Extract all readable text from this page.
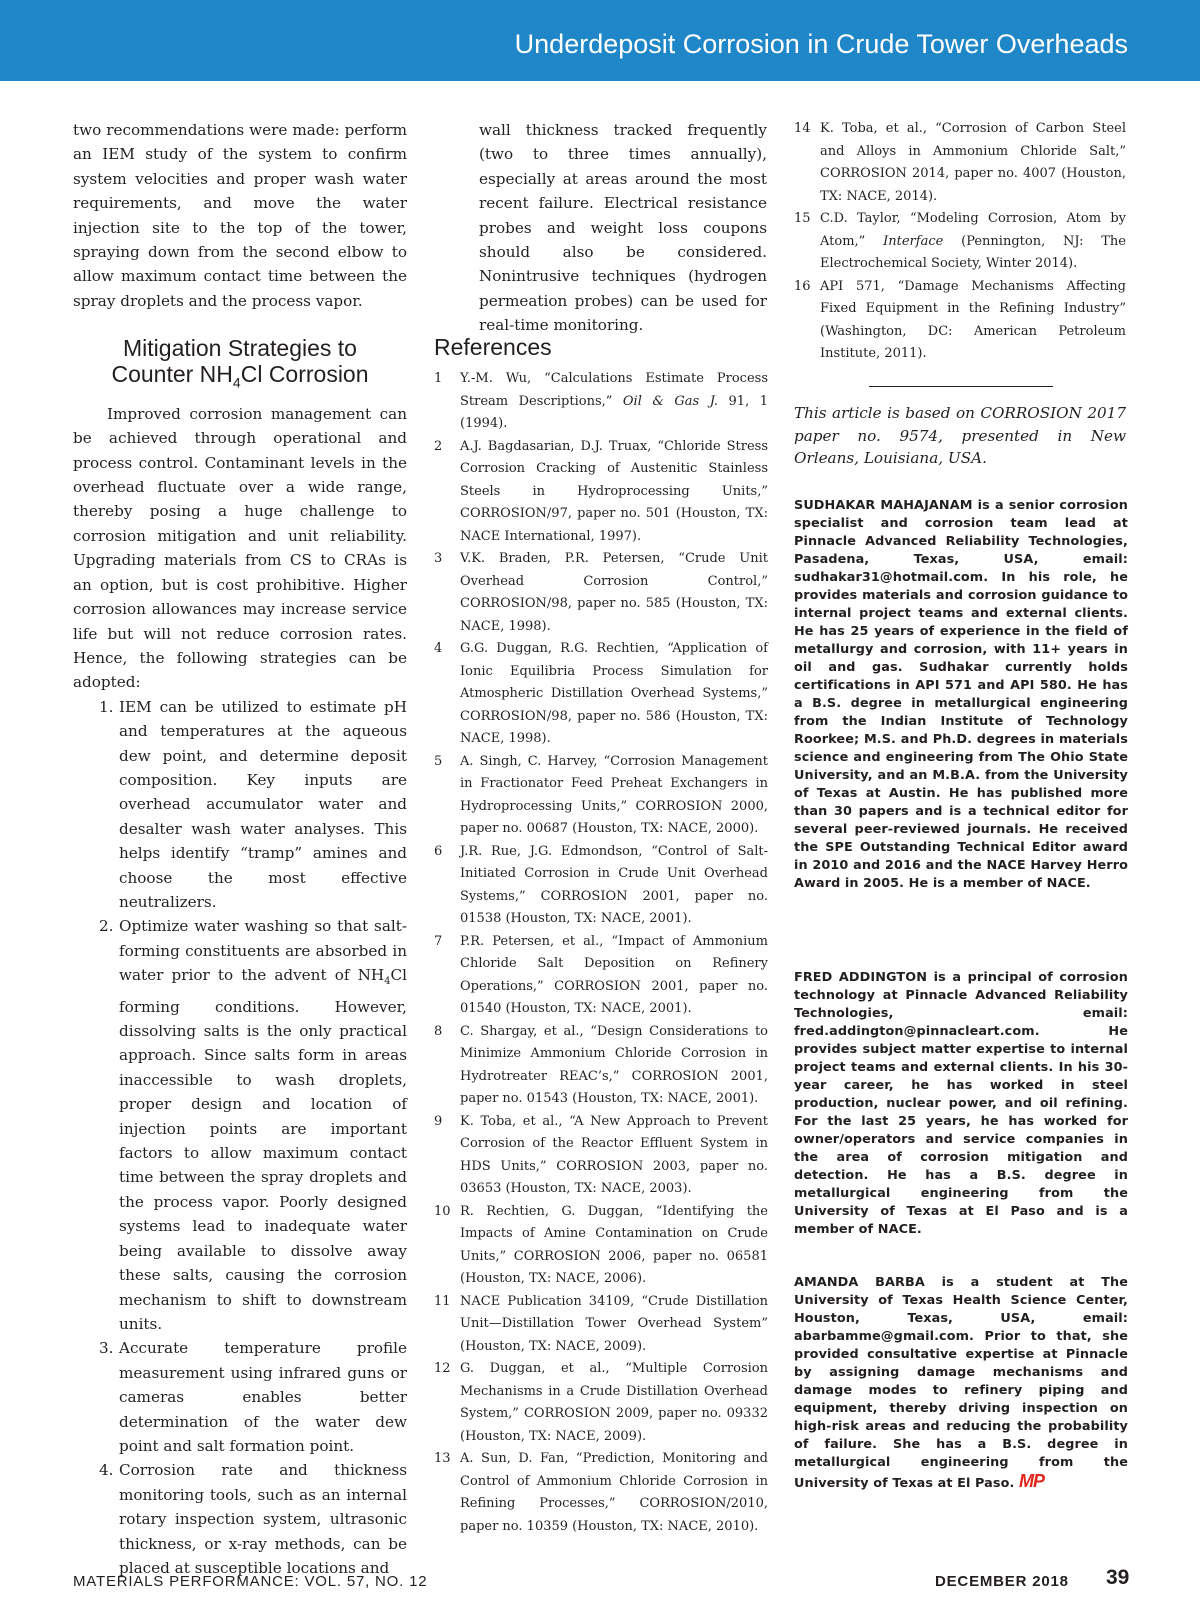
Underdeposit Corrosion in Crude Tower Overheads

two recommendations were made: perform an IEM study of the system to confirm system velocities and proper wash water requirements, and move the water injection site to the top of the tower, spraying down from the second elbow to allow maximum contact time between the spray droplets and the process vapor.

Mitigation Strategies to
Counter $NH_4Cl$ Corrosion

Improved corrosion management can be achieved through operational and process control. Contaminant levels in the overhead fluctuate over a wide range, thereby posing a huge challenge to corrosion mitigation and unit reliability. Upgrading materials from CS to CRAs is an option, but is cost prohibitive. Higher corrosion allowances may increase service life but will not reduce corrosion rates. Hence, the following strategies can be adopted:

1. IEM can be utilized to estimate pH and temperatures at the aqueous dew point, and determine deposit composition. Key inputs are overhead accumulator water and desalter wash water analyses. This helps identify “tramp” amines and choose the most effective neutralizers.
2. Optimize water washing so that salt-forming constituents are absorbed in water prior to the advent of $NH_4Cl$ forming conditions. However, dissolving salts is the only practical approach. Since salts form in areas inaccessible to wash droplets, proper design and location of injection points are important factors to allow maximum contact time between the spray droplets and the process vapor. Poorly designed systems lead to inadequate water being available to dissolve away these salts, causing the corrosion mechanism to shift to downstream units.
3. Accurate temperature profile measurement using infrared guns or cameras enables better determination of the water dew point and salt formation point.
4. Corrosion rate and thickness monitoring tools, such as an internal rotary inspection system, ultrasonic thickness, or x-ray methods, can be placed at susceptible locations and

wall thickness tracked frequently (two to three times annually), especially at areas around the most recent failure. Electrical resistance probes and weight loss coupons should also be considered. Nonintrusive techniques (hydrogen permeation probes) can be used for real-time monitoring.

References
1 Y.-M. Wu, “Calculations Estimate Process Stream Descriptions,” Oil & Gas J. 91, 1 (1994).
2 A.J. Bagdasarian, D.J. Truax, “Chloride Stress Corrosion Cracking of Austenitic Stainless Steels in Hydroprocessing Units,” CORROSION/97, paper no. 501 (Houston, TX: NACE International, 1997).
3 V.K. Braden, P.R. Petersen, “Crude Unit Overhead Corrosion Control,” CORROSION/98, paper no. 585 (Houston, TX: NACE, 1998).
4 G.G. Duggan, R.G. Rechtien, “Application of Ionic Equilibria Process Simulation for Atmospheric Distillation Overhead Systems,” CORROSION/98, paper no. 586 (Houston, TX: NACE, 1998).
5 A. Singh, C. Harvey, “Corrosion Management in Fractionator Feed Preheat Exchangers in Hydroprocessing Units,” CORROSION 2000, paper no. 00687 (Houston, TX: NACE, 2000).
6 J.R. Rue, J.G. Edmondson, “Control of Salt-Initiated Corrosion in Crude Unit Overhead Systems,” CORROSION 2001, paper no. 01538 (Houston, TX: NACE, 2001).
7 P.R. Petersen, et al., “Impact of Ammonium Chloride Salt Deposition on Refinery Operations,” CORROSION 2001, paper no. 01540 (Houston, TX: NACE, 2001).
8 C. Shargay, et al., “Design Considerations to Minimize Ammonium Chloride Corrosion in Hydrotreater REAC’s,” CORROSION 2001, paper no. 01543 (Houston, TX: NACE, 2001).
9 K. Toba, et al., “A New Approach to Prevent Corrosion of the Reactor Effluent System in HDS Units,” CORROSION 2003, paper no. 03653 (Houston, TX: NACE, 2003).
10 R. Rechtien, G. Duggan, “Identifying the Impacts of Amine Contamination on Crude Units,” CORROSION 2006, paper no. 06581 (Houston, TX: NACE, 2006).
11 NACE Publication 34109, “Crude Distillation Unit—Distillation Tower Overhead System” (Houston, TX: NACE, 2009).
12 G. Duggan, et al., “Multiple Corrosion Mechanisms in a Crude Distillation Overhead System,” CORROSION 2009, paper no. 09332 (Houston, TX: NACE, 2009).
13 A. Sun, D. Fan, “Prediction, Monitoring and Control of Ammonium Chloride Corrosion in Refining Processes,” CORROSION/2010, paper no. 10359 (Houston, TX: NACE, 2010).
14 K. Toba, et al., “Corrosion of Carbon Steel and Alloys in Ammonium Chloride Salt,” CORROSION 2014, paper no. 4007 (Houston, TX: NACE, 2014).
15 C.D. Taylor, “Modeling Corrosion, Atom by Atom,” Interface (Pennington, NJ: The Electrochemical Society, Winter 2014).
16 API 571, “Damage Mechanisms Affecting Fixed Equipment in the Refining Industry” (Washington, DC: American Petroleum Institute, 2011).

This article is based on CORROSION 2017 paper no. 9574, presented in New Orleans, Louisiana, USA.

SUDHAKAR MAHAJANAM is a senior corrosion specialist and corrosion team lead at Pinnacle Advanced Reliability Technologies, Pasadena, Texas, USA, email: sudhakar31@hotmail.com. In his role, he provides materials and corrosion guidance to internal project teams and external clients. He has 25 years of experience in the field of metallurgy and corrosion, with 11+ years in oil and gas. Sudhakar currently holds certifications in API 571 and API 580. He has a B.S. degree in metallurgical engineering from the Indian Institute of Technology Roorkee; M.S. and Ph.D. degrees in materials science and engineering from The Ohio State University, and an M.B.A. from the University of Texas at Austin. He has published more than 30 papers and is a technical editor for several peer-reviewed journals. He received the SPE Outstanding Technical Editor award in 2010 and 2016 and the NACE Harvey Herro Award in 2005. He is a member of NACE.

FRED ADDINGTON is a principal of corrosion technology at Pinnacle Advanced Reliability Technologies, email: fred.addington@pinnacleart.com. He provides subject matter expertise to internal project teams and external clients. In his 30-year career, he has worked in steel production, nuclear power, and oil refining. For the last 25 years, he has worked for owner/operators and service companies in the area of corrosion mitigation and detection. He has a B.S. degree in metallurgical engineering from the University of Texas at El Paso and is a member of NACE.

AMANDA BARBA is a student at The University of Texas Health Science Center, Houston, Texas, USA, email: abarbamme@gmail.com. Prior to that, she provided consultative expertise at Pinnacle by assigning damage mechanisms and damage modes to refinery piping and equipment, thereby driving inspection on high-risk areas and reducing the probability of failure. She has a B.S. degree in metallurgical engineering from the University of Texas at El Paso. MP

MATERIALS PERFORMANCE: VOL. 57, NO. 12	DECEMBER 2018 39
